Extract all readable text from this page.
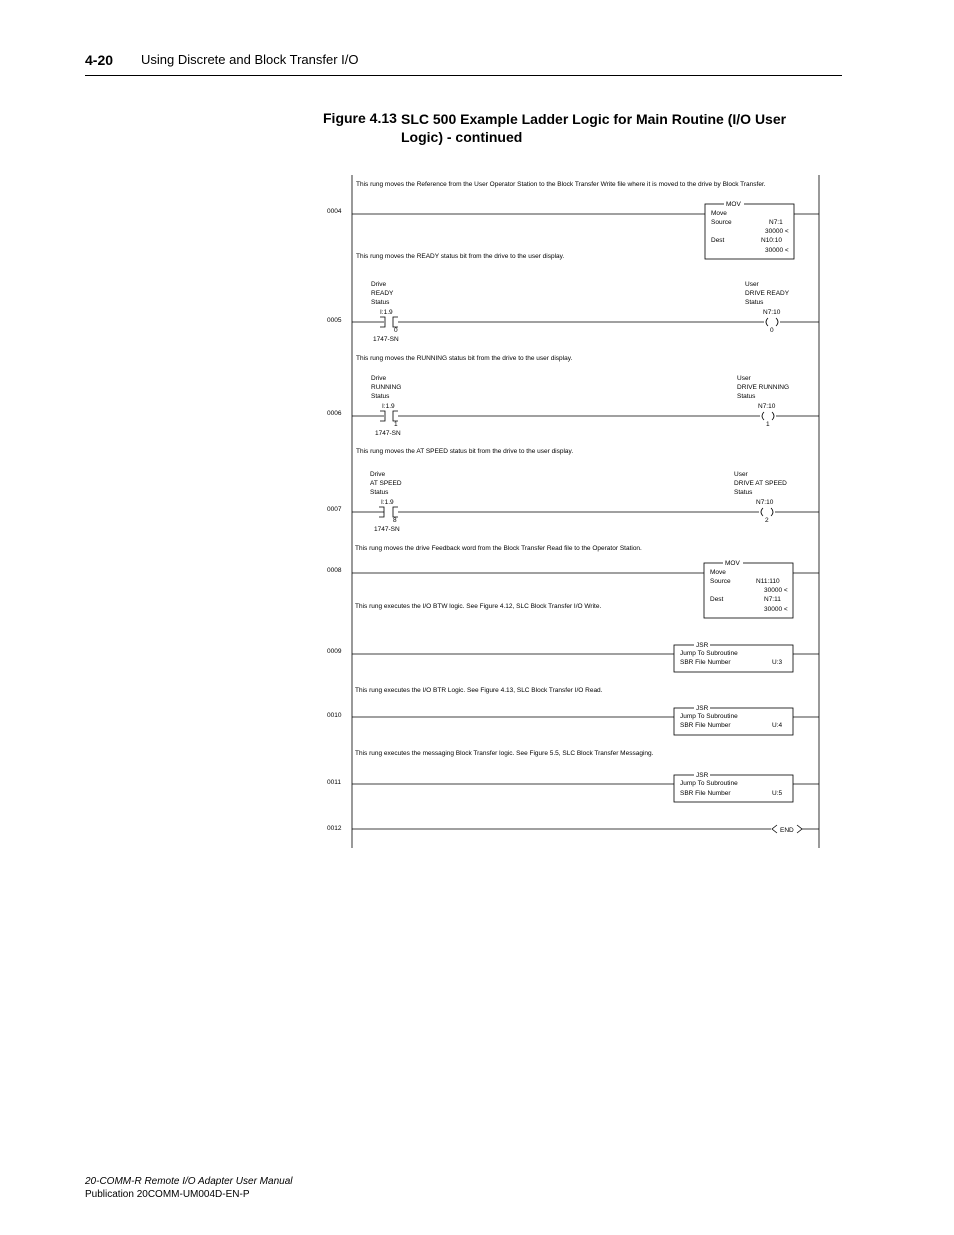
4-20 Using Discrete and Block Transfer I/O
Figure 4.13 SLC 500 Example Ladder Logic for Main Routine (I/O User Logic) - continued
This rung moves the Reference from the User Operator Station to the Block Transfer Write file where it is moved to the drive by Block Transfer.
0004
MOV
Move
Source	N7:1
30000 <
Dest	N10:10
30000 <
This rung moves the READY status bit from the drive to the user display.
Drive
READY
Status
I:1.9
0
1747-SN
User
DRIVE READY
Status
N7:10
0
0005
This rung moves the RUNNING status bit from the drive to the user display.
Drive
RUNNING
Status
I:1.9
1
1747-SN
User
DRIVE RUNNING
Status
N7:10
1
0006
This rung moves the AT SPEED status bit from the drive to the user display.
Drive
AT SPEED
Status
I:1.9
8
1747-SN
User
DRIVE AT SPEED
Status
N7:10
2
0007
This rung moves the drive Feedback word from the Block Transfer Read file to the Operator Station.
0008
MOV
Move
Source	N11:110
30000 <
Dest	N7:11
30000 <
This rung executes the I/O BTW logic. See Figure 4.12, SLC Block Transfer I/O Write.
0009
JSR
Jump To Subroutine
SBR File Number	U:3
This rung executes the I/O BTR Logic. See Figure 4.13, SLC Block Transfer I/O Read.
0010
JSR
Jump To Subroutine
SBR File Number	U:4
This rung executes the messaging Block Transfer logic. See Figure 5.5, SLC Block Transfer Messaging.
0011
JSR
Jump To Subroutine
SBR File Number	U:5
0012	END
20-COMM-R Remote I/O Adapter User Manual
Publication 20COMM-UM004D-EN-P
